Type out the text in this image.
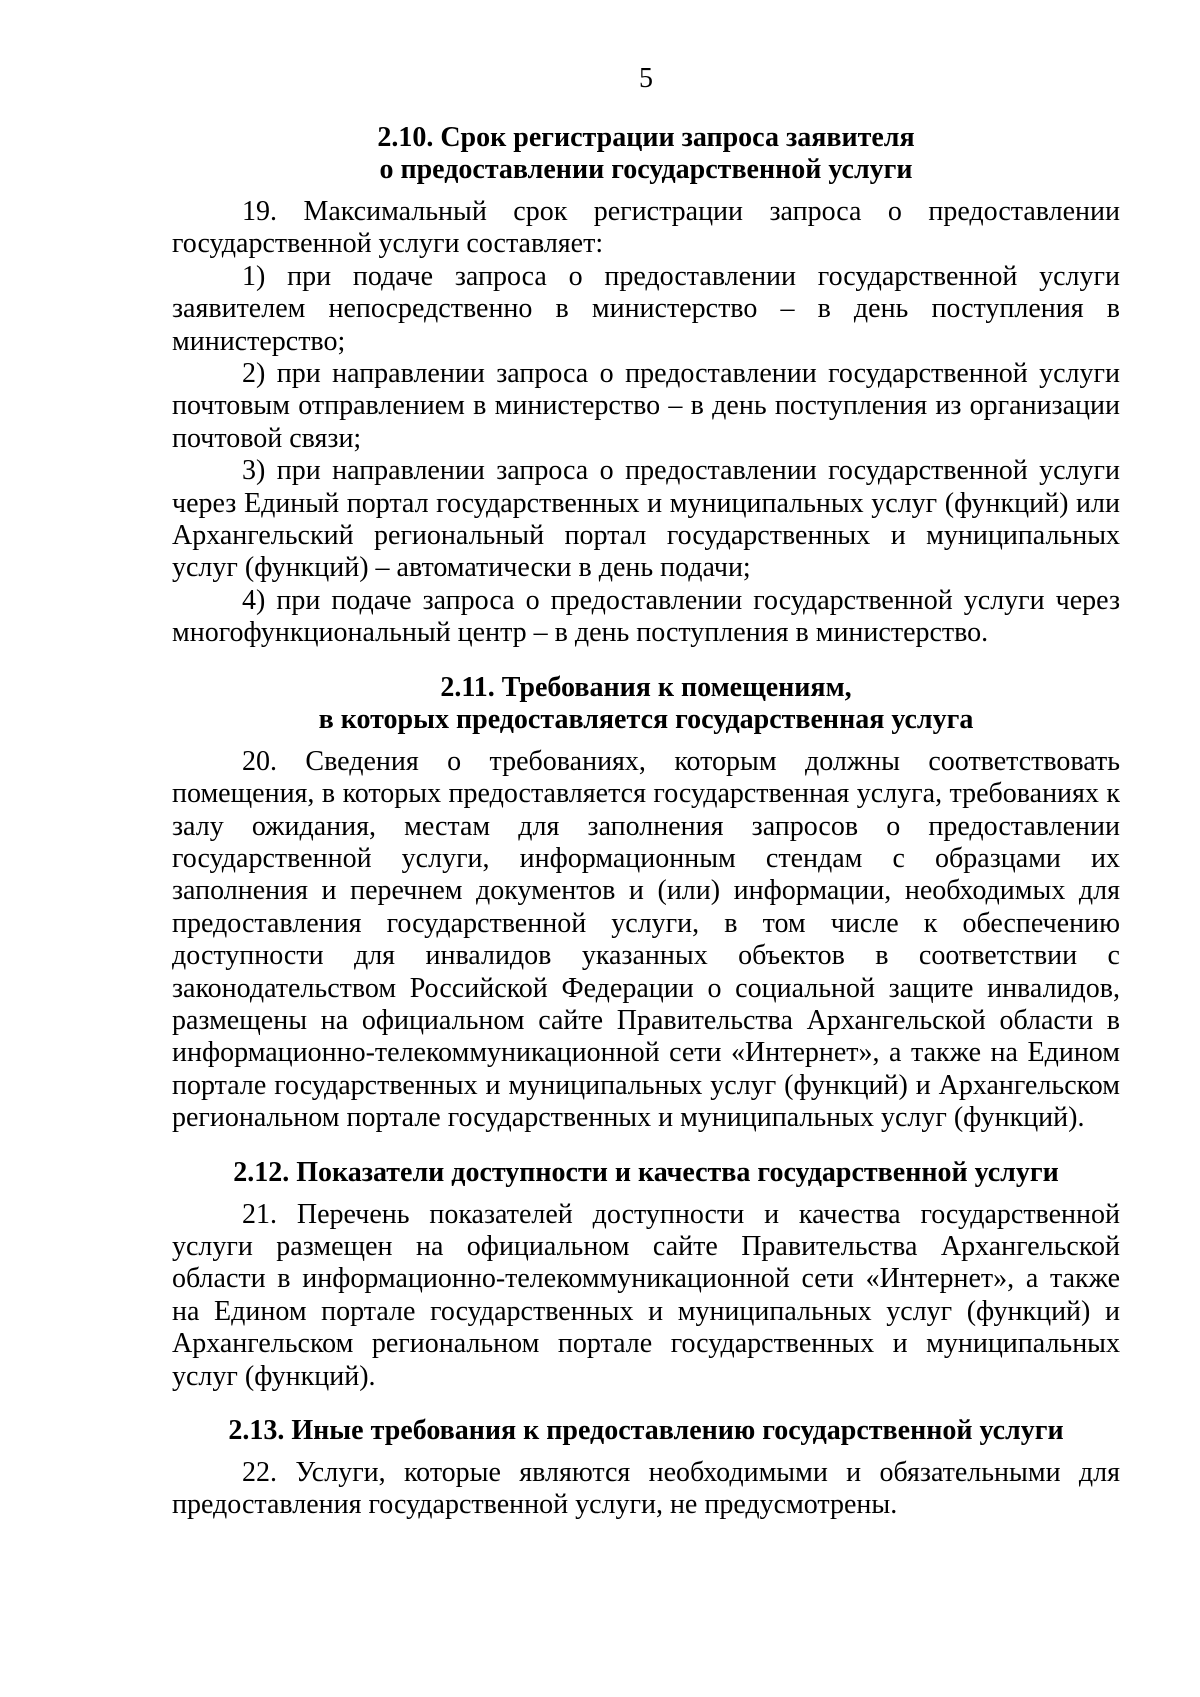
5
2.10. Срок регистрации запроса заявителя
о предоставлении государственной услуги

19. Максимальный срок регистрации запроса о предоставлении государственной услуги составляет:

1) при подаче запроса о предоставлении государственной услуги заявителем непосредственно в министерство – в день поступления в министерство;

2) при направлении запроса о предоставлении государственной услуги почтовым отправлением в министерство – в день поступления из организации почтовой связи;

3) при направлении запроса о предоставлении государственной услуги через Единый портал государственных и муниципальных услуг (функций) или Архангельский региональный портал государственных и муниципальных услуг (функций) – автоматически в день подачи;

4) при подаче запроса о предоставлении государственной услуги через многофункциональный центр – в день поступления в министерство.

2.11. Требования к помещениям,
в которых предоставляется государственная услуга

20. Сведения о требованиях, которым должны соответствовать помещения, в которых предоставляется государственная услуга, требованиях к залу ожидания, местам для заполнения запросов о предоставлении государственной услуги, информационным стендам с образцами их заполнения и перечнем документов и (или) информации, необходимых для предоставления государственной услуги, в том числе к обеспечению доступности для инвалидов указанных объектов в соответствии с законодательством Российской Федерации о социальной защите инвалидов, размещены на официальном сайте Правительства Архангельской области в информационно-телекоммуникационной сети «Интернет», а также на Едином портале государственных и муниципальных услуг (функций) и Архангельском региональном портале государственных и муниципальных услуг (функций).

2.12. Показатели доступности и качества государственной услуги

21. Перечень показателей доступности и качества государственной услуги размещен на официальном сайте Правительства Архангельской области в информационно-телекоммуникационной сети «Интернет», а также на Едином портале государственных и муниципальных услуг (функций) и Архангельском региональном портале государственных и муниципальных услуг (функций).

2.13. Иные требования к предоставлению государственной услуги

22. Услуги, которые являются необходимыми и обязательными для предоставления государственной услуги, не предусмотрены.
